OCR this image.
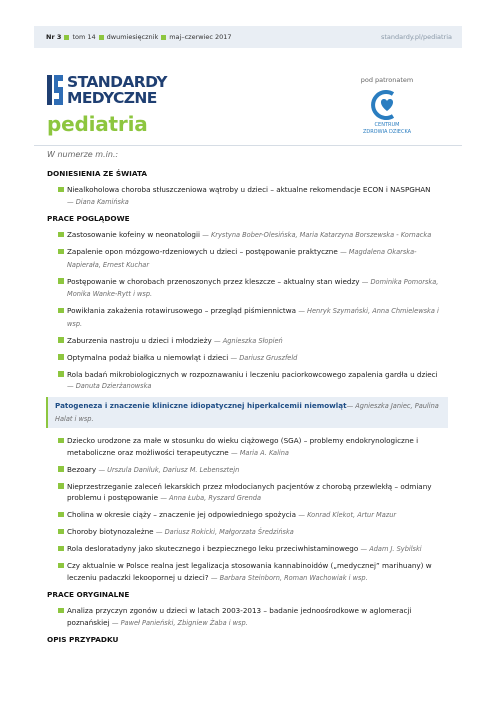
Nr 3 tom 14 dwumiesięcznik maj–czerwiec 2017	standardy.pl/pediatria
STANDARDY
MEDYCZNE
pediatria
pod patronatem
CENTRUM
ZDROWIA DZIECKA
W numerze m.in.:
DONIESIENIA ZE ŚWIATA
Niealkoholowa choroba stłuszczeniowa wątroby u dzieci – aktualne rekomendacje ECON i NASPGHAN
— Diana Kamińska
PRACE POGLĄDOWE
Zastosowanie kofeiny w neonatologii — Krystyna Bober-Olesińska, Maria Katarzyna Borszewska - Kornacka
Zapalenie opon mózgowo-rdzeniowych u dzieci – postępowanie praktyczne — Magdalena Okarska-Napierała, Ernest Kuchar
Postępowanie w chorobach przenoszonych przez kleszcze – aktualny stan wiedzy — Dominika Pomorska, Monika Wanke-Rytt i wsp.
Powikłania zakażenia rotawirusowego – przegląd piśmiennictwa — Henryk Szymański, Anna Chmielewska i wsp.
Zaburzenia nastroju u dzieci i młodzieży — Agnieszka Słopień
Optymalna podaż białka u niemowląt i dzieci — Dariusz Gruszfeld
Rola badań mikrobiologicznych w rozpoznawaniu i leczeniu paciorkowcowego zapalenia gardła u dzieci
— Danuta Dzierżanowska
Patogeneza i znaczenie kliniczne idiopatycznej hiperkalcemii niemowląt— Agnieszka Janiec, Paulina Halat i wsp.
Dziecko urodzone za małe w stosunku do wieku ciążowego (SGA) – problemy endokrynologiczne i metaboliczne oraz możliwości terapeutyczne — Maria A. Kalina
Bezoary — Urszula Daniluk, Dariusz M. Lebensztejn
Nieprzestrzeganie zaleceń lekarskich przez młodocianych pacjentów z chorobą przewlekłą – odmiany problemu i postępowanie — Anna Łuba, Ryszard Grenda
Cholina w okresie ciąży – znaczenie jej odpowiedniego spożycia — Konrad Klekot, Artur Mazur
Choroby biotynozależne — Dariusz Rokicki, Małgorzata Średzińska
Rola desloratadyny jako skutecznego i bezpiecznego leku przeciwhistaminowego — Adam J. Sybilski
Czy aktualnie w Polsce realna jest legalizacja stosowania kannabinoidów („medycznej” marihuany) w leczeniu padaczki lekoopornej u dzieci? — Barbara Steinborn, Roman Wachowiak i wsp.
PRACE ORYGINALNE
Analiza przyczyn zgonów u dzieci w latach 2003-2013 – badanie jednoośrodkowe w aglomeracji poznańskiej — Paweł Panieński, Zbigniew Żaba i wsp.
OPIS PRZYPADKU
